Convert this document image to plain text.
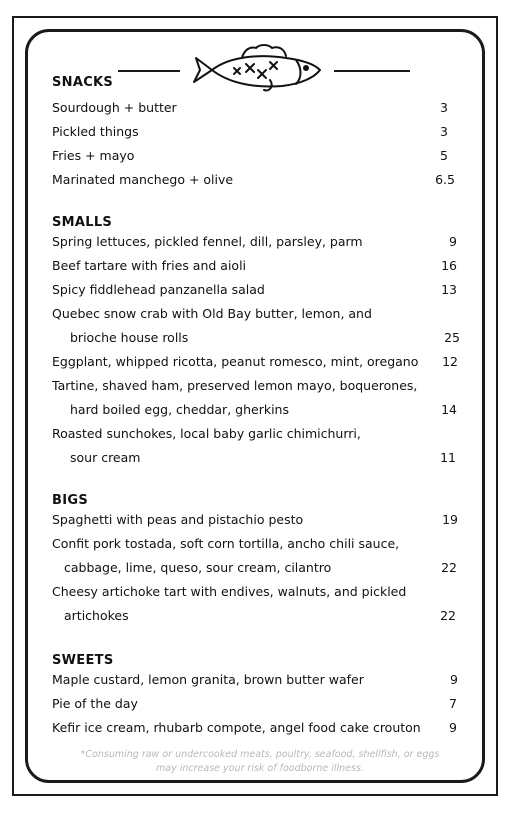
SNACKS
Sourdough + butter	3
Pickled things	3
Fries + mayo	5
Marinated manchego + olive	6.5
SMALLS
Spring lettuces, pickled fennel, dill, parsley, parm	9
Beef tartare with fries and aioli	16
Spicy fiddlehead panzanella salad	13
Quebec snow crab with Old Bay butter, lemon, and
brioche house rolls	25
Eggplant, whipped ricotta, peanut romesco, mint, oregano	12
Tartine, shaved ham, preserved lemon mayo, boquerones,
hard boiled egg, cheddar, gherkins	14
Roasted sunchokes, local baby garlic chimichurri,
sour cream	11
BIGS
Spaghetti with peas and pistachio pesto	19
Confit pork tostada, soft corn tortilla, ancho chili sauce,
cabbage, lime, queso, sour cream, cilantro	22
Cheesy artichoke tart with endives, walnuts, and pickled
artichokes	22
SWEETS
Maple custard, lemon granita, brown butter wafer	9
Pie of the day	7
Kefir ice cream, rhubarb compote, angel food cake crouton	9
*Consuming raw or undercooked meats, poultry, seafood, shellfish, or eggs
may increase your risk of foodborne illness.
